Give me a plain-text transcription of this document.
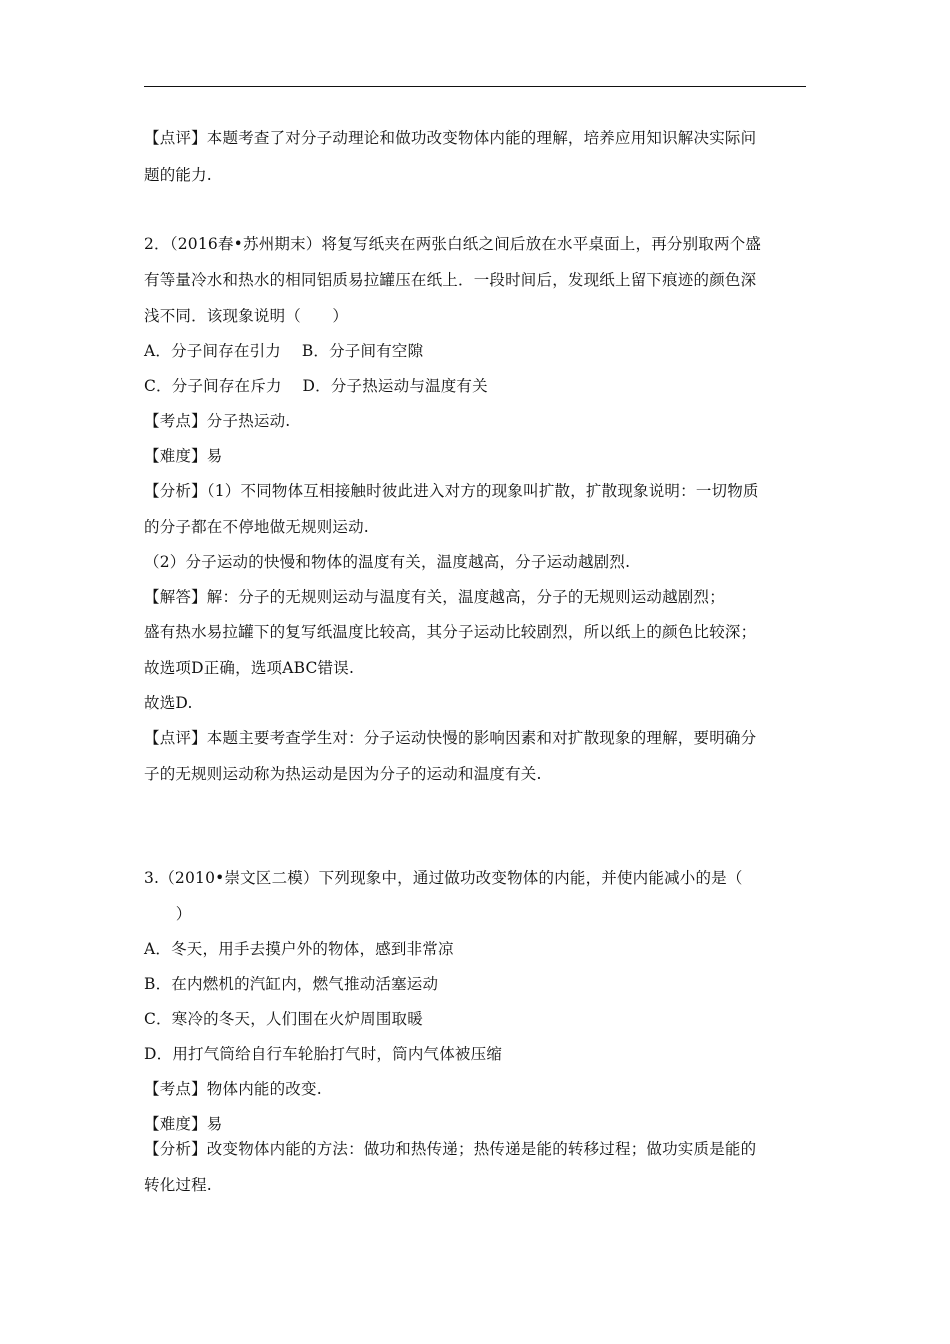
【点评】本题考查了对分子动理论和做功改变物体内能的理解，培养应用知识解决实际问
题的能力.
2．（2016春•苏州期末）将复写纸夹在两张白纸之间后放在水平桌面上，再分别取两个盛
有等量冷水和热水的相同铝质易拉罐压在纸上．一段时间后，发现纸上留下痕迹的颜色深
浅不同．该现象说明（　　）
A．分子间存在引力　 B．分子间有空隙
C．分子间存在斥力　 D．分子热运动与温度有关
【考点】分子热运动.
【难度】易
【分析】（1）不同物体互相接触时彼此进入对方的现象叫扩散，扩散现象说明：一切物质
的分子都在不停地做无规则运动.
（2）分子运动的快慢和物体的温度有关，温度越高，分子运动越剧烈.
【解答】解：分子的无规则运动与温度有关，温度越高，分子的无规则运动越剧烈；
盛有热水易拉罐下的复写纸温度比较高，其分子运动比较剧烈，所以纸上的颜色比较深；
故选项D正确，选项ABC错误.
故选D.
【点评】本题主要考查学生对：分子运动快慢的影响因素和对扩散现象的理解，要明确分
子的无规则运动称为热运动是因为分子的运动和温度有关.
3.（2010•崇文区二模）下列现象中，通过做功改变物体的内能，并使内能减小的是（
　）
A．冬天，用手去摸户外的物体，感到非常凉
B．在内燃机的汽缸内，燃气推动活塞运动
C．寒冷的冬天，人们围在火炉周围取暖
D．用打气筒给自行车轮胎打气时，筒内气体被压缩
【考点】物体内能的改变.
【难度】易
【分析】改变物体内能的方法：做功和热传递；热传递是能的转移过程；做功实质是能的
转化过程.
